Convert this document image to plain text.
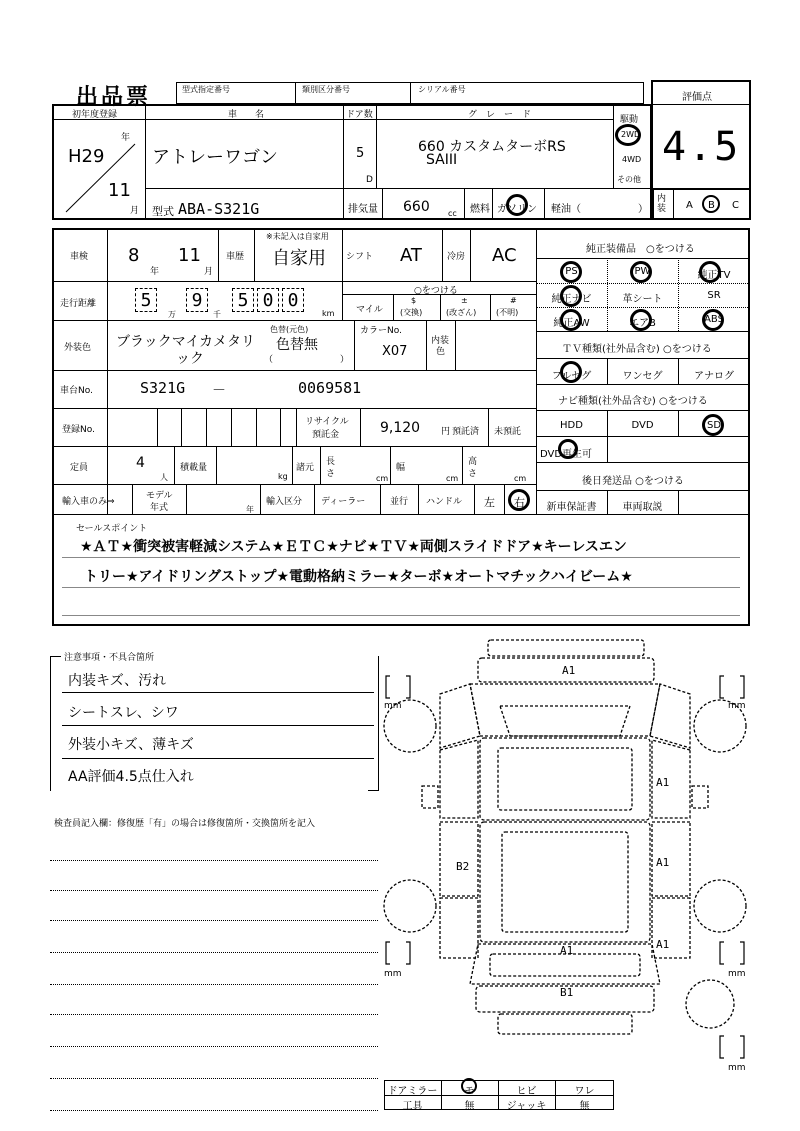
出品票	型式指定番号	類別区分番号	シリアル番号
評価点
4.5
初年度登録
H29
年
11
月
車　　名
アトレーワゴン
ドア数
5
D
グ　レ　ー　ド
660 カスタムターボRS
SAIII
駆動
2WD
4WD
その他
型式 ABA-S321G	排気量 660 cc 燃料 ガソリン 軽油（	）
内装 A B C
車検 8
年
11
月
車歴
※未記入は自家用
自家用 シフト AT	冷房 AC
走行距離	5
万
9
千
5 0 0
km
○をつける
マイル
$
(交換)
±
(改ざん)
#
(不明)
外装色 ブラックマイカメタリ
ック
色替(元色)
色替無
（	）
カラーNo.
X07
内装
色
車台No.	S321G －	0069581
登録No.
リサイクル
預託金	9,120 円 預託済 未預託
定員	4
人
積載量
kg
諸元
長
さ	cm
幅
cm
高
さ	cm
輸入車のみ⇒
モデル
年式	年
輸入区分 ディーラー	並行 ハンドル 左 右
純正装備品　○をつける
PS	PW	純正TV
純正ナビ	革シート	SR
純正AW	エアB	ABS
ＴＶ種類(社外品含む) ○をつける
フルセグ	ワンセグ	アナログ
ナビ種類(社外品含む) ○をつける
HDD	DVD	SD
DVD再生可
後日発送品 ○をつける
新車保証書	車両取説
セールスポイント
★ＡＴ★衝突被害軽減システム★ＥＴＣ★ナビ★ＴＶ★両側スライドドア★キーレスエン
トリー★アイドリングストップ★電動格納ミラー★ターボ★オートマチックハイビーム★
注意事項・不具合箇所
内装キズ、汚れ
シートスレ、シワ
外装小キズ、薄キズ
AA評価4.5点仕入れ
検査員記入欄：修復歴「有」の場合は修復箇所・交換箇所を記入
A1
A1
A1
B2
A1	A1
B1
mm	mm
mm	mm
mm
ドアミラー	モ	ヒビ	ワレ
工具	無	ジャッキ	無
